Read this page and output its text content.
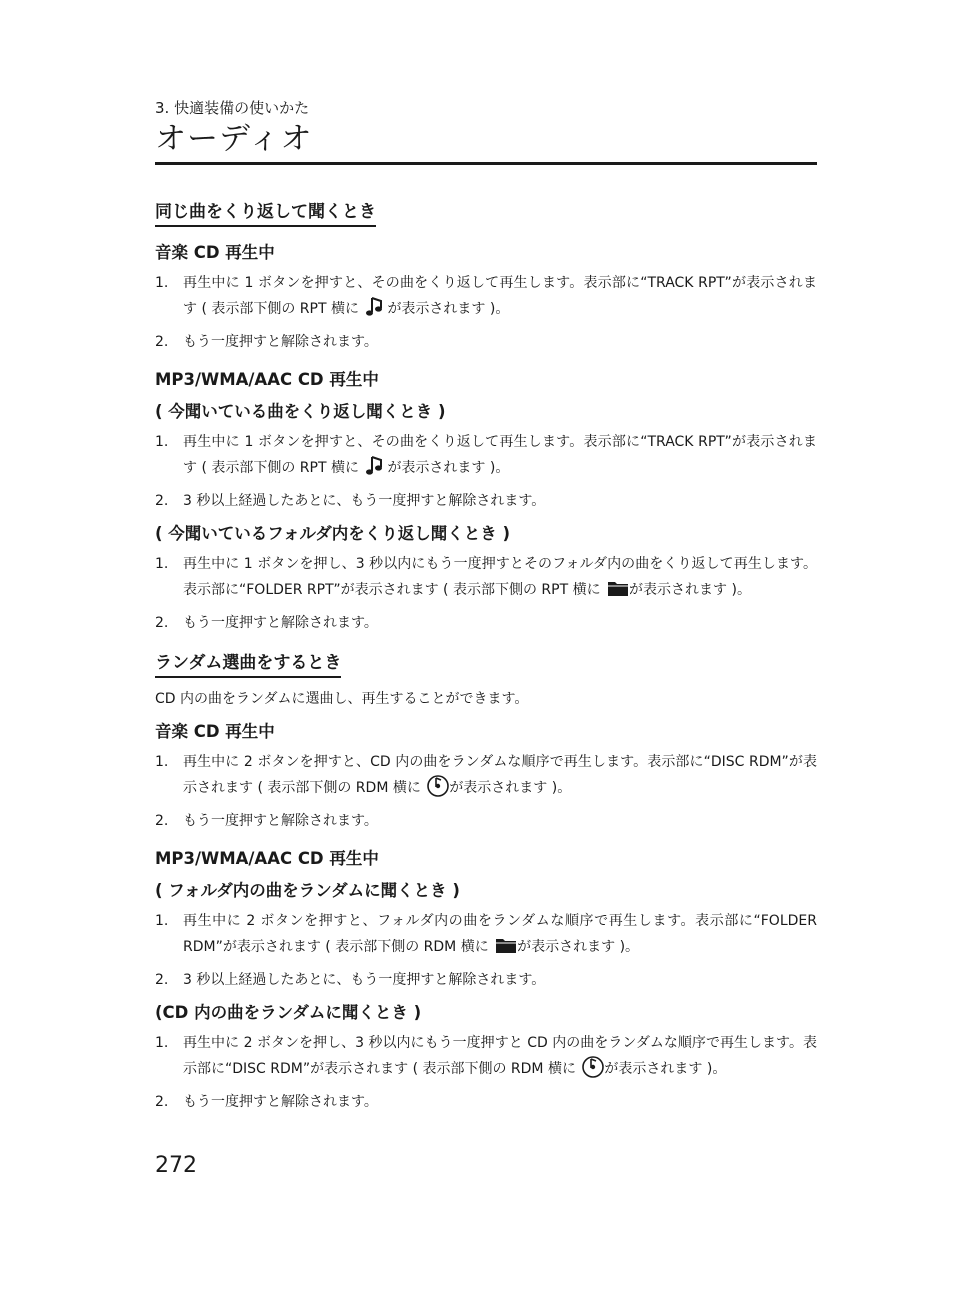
3. 快適装備の使いかた
オーディオ
同じ曲をくり返して聞くとき
音楽 CD 再生中
1. 再生中に 1 ボタンを押すと、その曲をくり返して再生します。表示部に“TRACK RPT”が表示されます ( 表示部下側の RPT 横に
が表示されます )。
2. もう一度押すと解除されます。
MP3/WMA/AAC CD 再生中
( 今聞いている曲をくり返し聞くとき )
1. 再生中に 1 ボタンを押すと、その曲をくり返して再生します。表示部に“TRACK RPT”が表示されます ( 表示部下側の RPT 横に
が表示されます )。
2. 3 秒以上経過したあとに、もう一度押すと解除されます。
( 今聞いているフォルダ内をくり返し聞くとき )
1. 再生中に 1 ボタンを押し、3 秒以内にもう一度押すとそのフォルダ内の曲をくり返して再生します。表示部に“FOLDER RPT”が表示されます ( 表示部下側の RPT 横に
が表示されます )。
2. もう一度押すと解除されます。
ランダム選曲をするとき
CD 内の曲をランダムに選曲し、再生することができます。
音楽 CD 再生中
1. 再生中に 2 ボタンを押すと、CD 内の曲をランダムな順序で再生します。表示部に“DISC RDM”が表示されます ( 表示部下側の RDM 横に
が表示されます )。
2. もう一度押すと解除されます。
MP3/WMA/AAC CD 再生中
( フォルダ内の曲をランダムに聞くとき )
1. 再生中に 2 ボタンを押すと、フォルダ内の曲をランダムな順序で再生します。表示部に“FOLDER RDM”が表示されます ( 表示部下側の RDM 横に
が表示されます )。
2. 3 秒以上経過したあとに、もう一度押すと解除されます。
(CD 内の曲をランダムに聞くとき )
1. 再生中に 2 ボタンを押し、3 秒以内にもう一度押すと CD 内の曲をランダムな順序で再生します。表示部に“DISC RDM”が表示されます ( 表示部下側の RDM 横に
が表示されます )。
2. もう一度押すと解除されます。
272
